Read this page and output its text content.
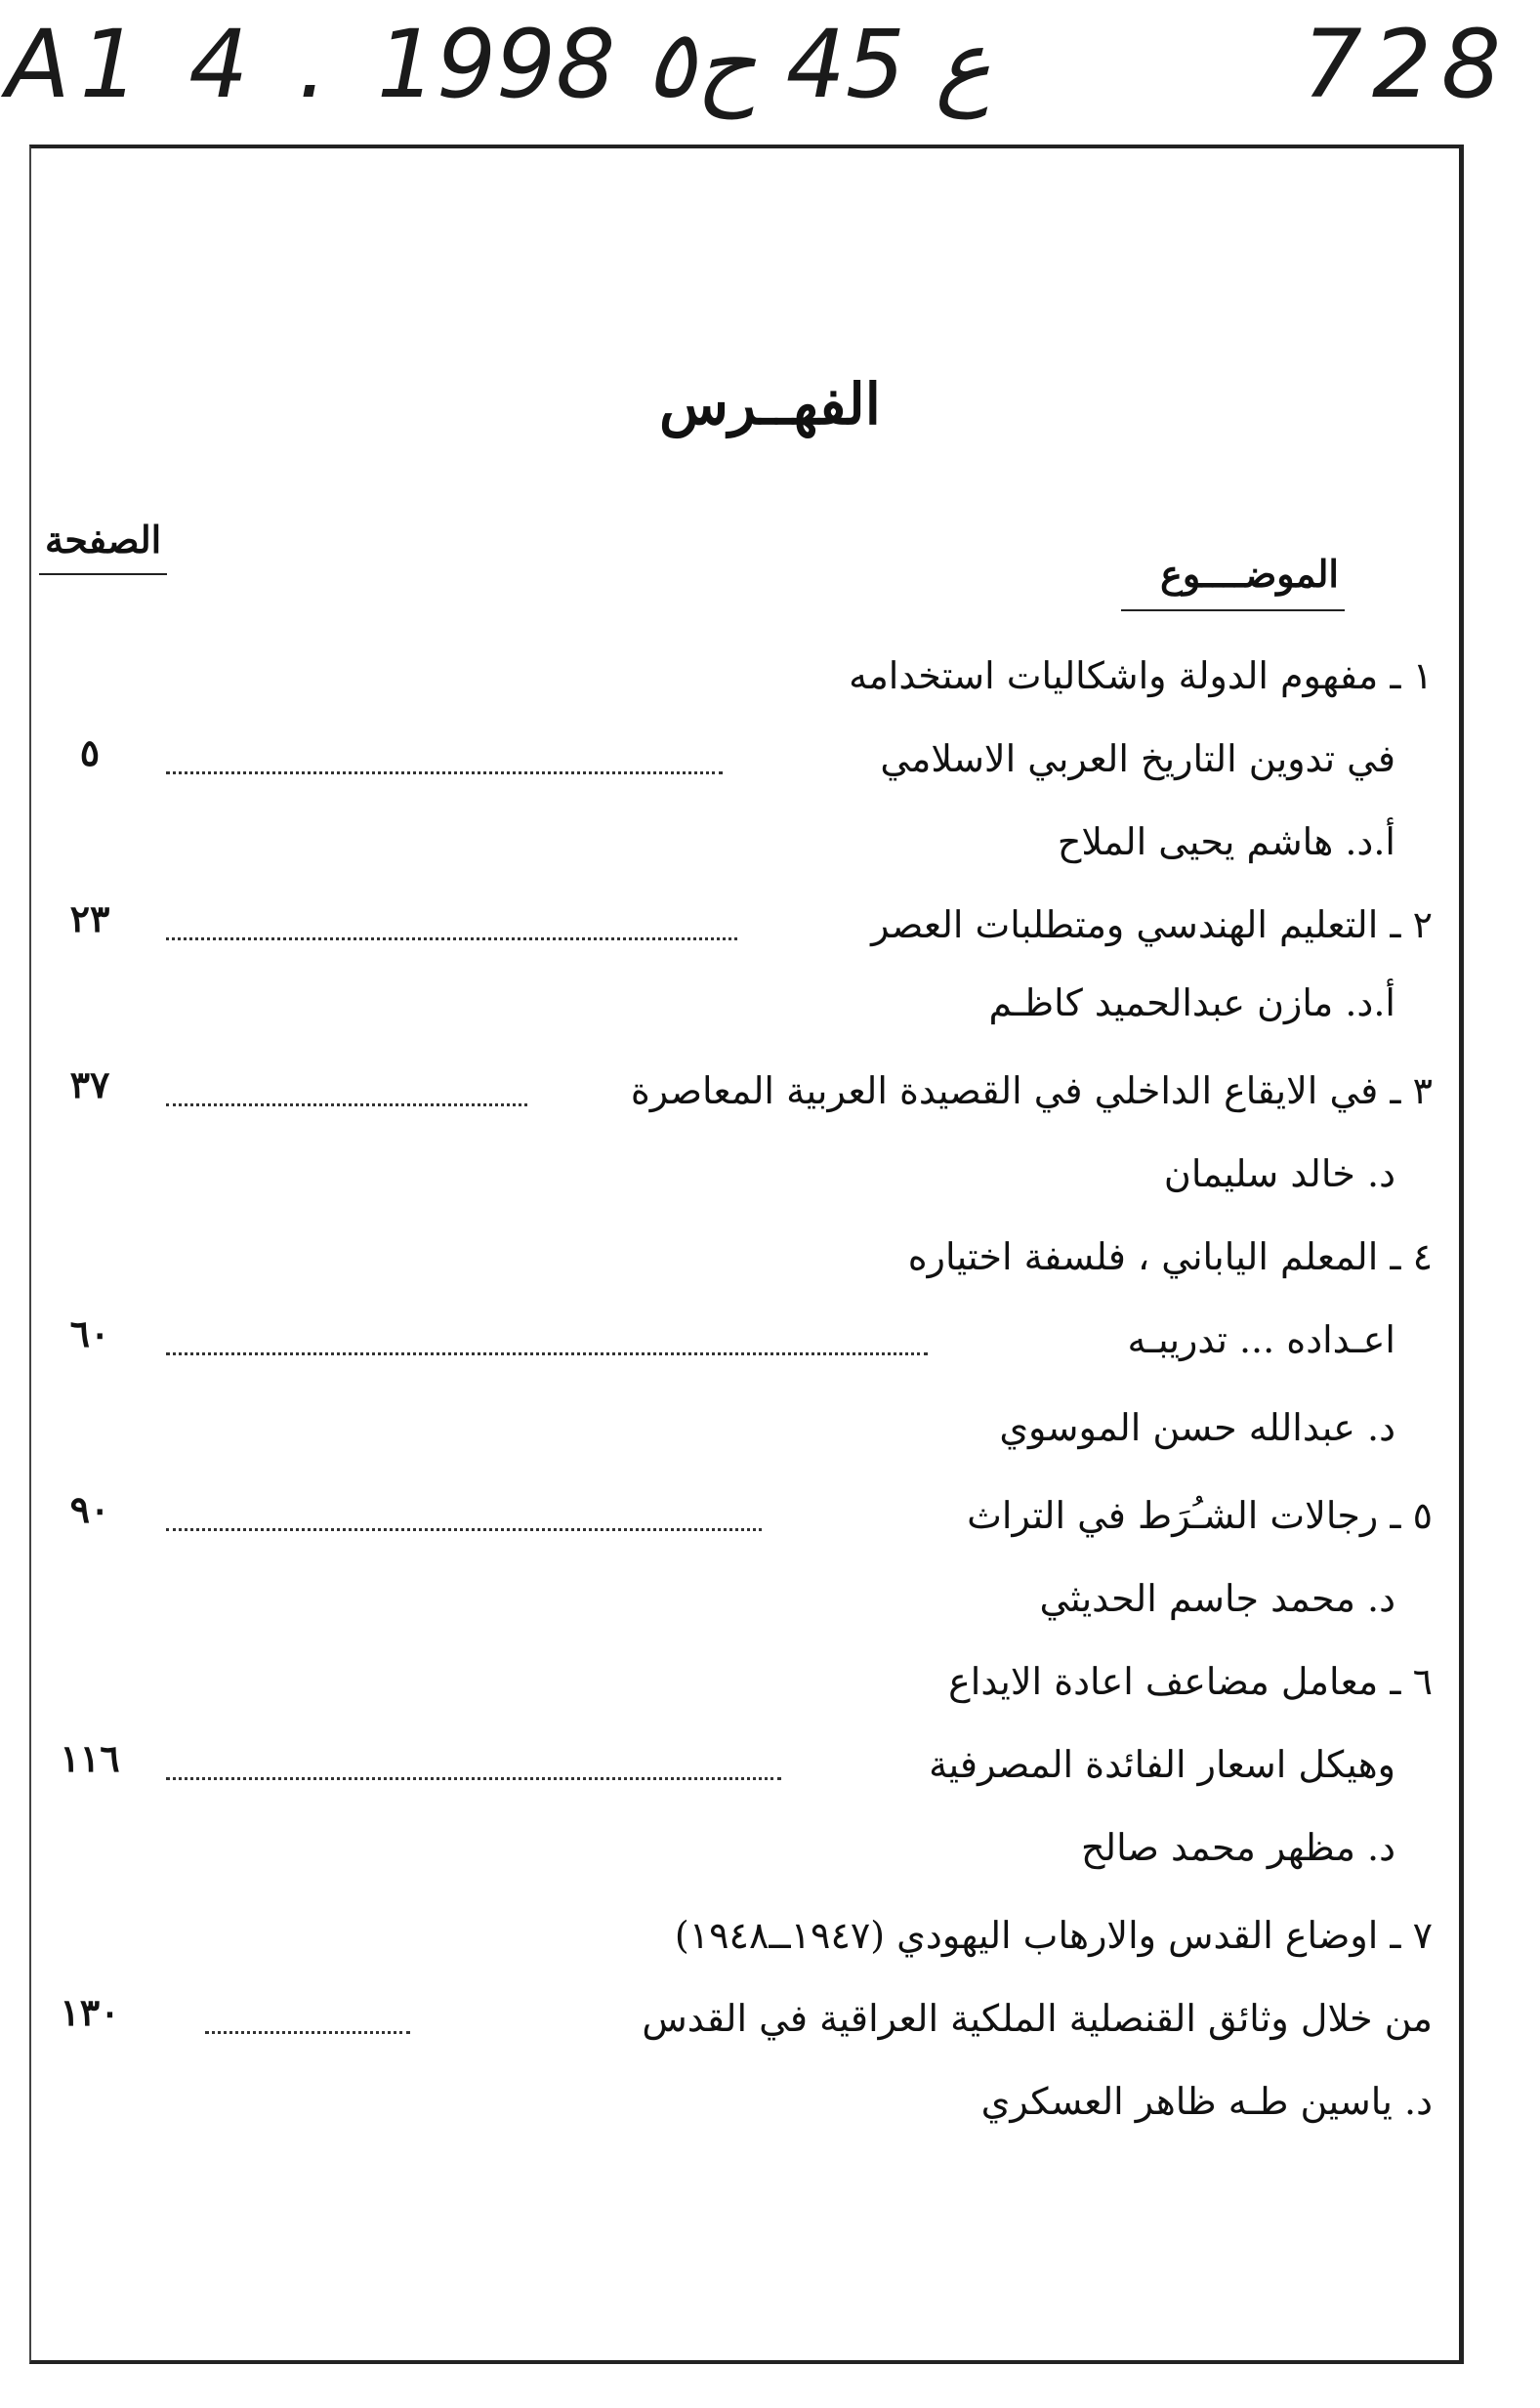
A1 4 . ع 45 ح٥ 1998	728
الفهــرس
الموضــــوع
الصفحة
١ ـ مفهوم الدولة واشكاليات استخدامه
في تدوين التاريخ العربي الاسلامي
٥
أ.د. هاشم يحيى الملاح
٢ ـ التعليم الهندسي ومتطلبات العصر
٢٣
أ.د. مازن عبدالحميد كاظـم
٣ ـ في الايقاع الداخلي في القصيدة العربية المعاصرة
٣٧
د. خالد سليمان
٤ ـ المعلم الياباني ، فلسفة اختياره
اعـداده ... تدريبـه
٦٠
د. عبدالله حسن الموسوي
٥ ـ رجالات الشـُرَط في التراث
٩٠
د. محمد جاسم الحديثي
٦ ـ معامل مضاعف اعادة الايداع
وهيكل اسعار الفائدة المصرفية
١١٦
د. مظهر محمد صالح
٧ ـ اوضاع القدس والارهاب اليهودي (١٩٤٧ــ١٩٤٨)
من خلال وثائق القنصلية الملكية العراقية في القدس
١٣٠
د. ياسين طـه ظاهر العسكري
